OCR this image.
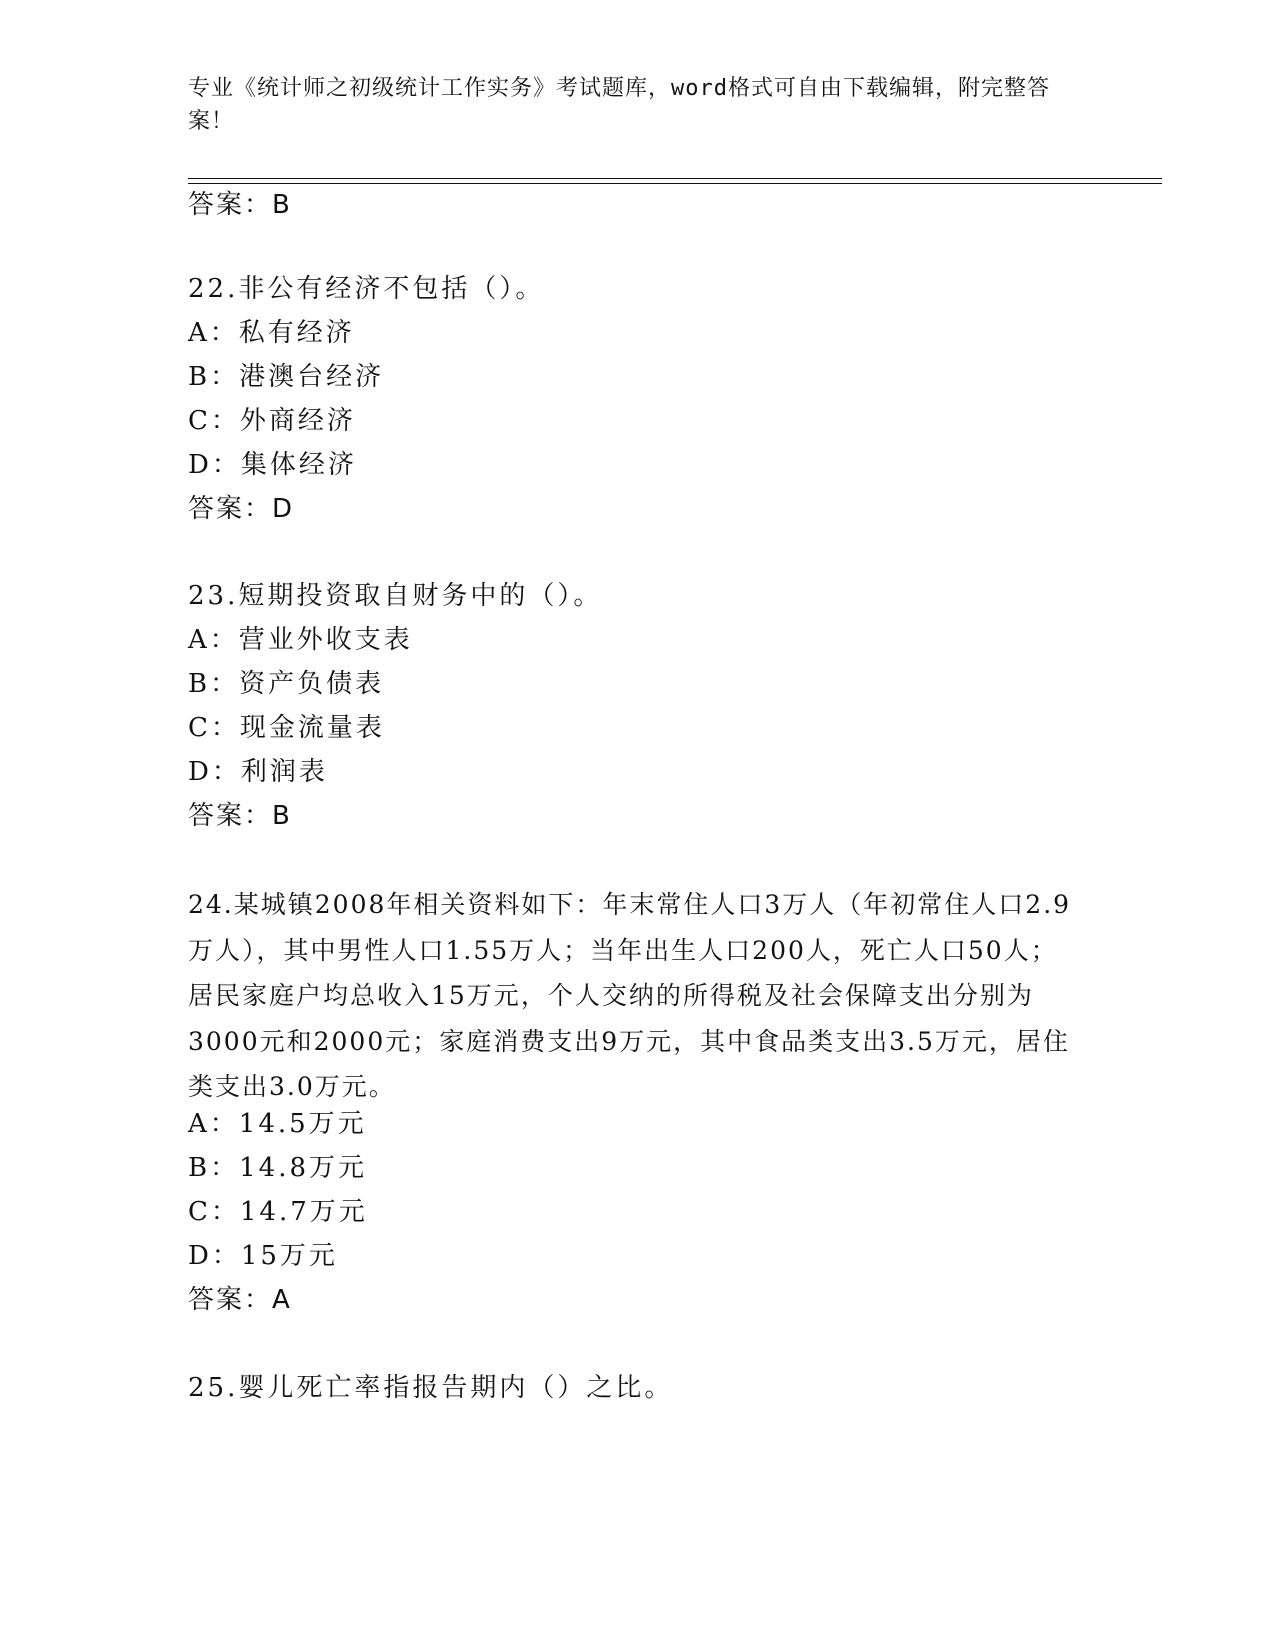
专业《统计师之初级统计工作实务》考试题库，word格式可自由下载编辑，附完整答案！
答案：B
22.非公有经济不包括（）。
A：私有经济
B：港澳台经济
C：外商经济
D：集体经济
答案：D
23.短期投资取自财务中的（）。
A：营业外收支表
B：资产负债表
C：现金流量表
D：利润表
答案：B
24.某城镇2008年相关资料如下：年末常住人口3万人（年初常住人口2.9万人），其中男性人口1.55万人；当年出生人口200人，死亡人口50人；居民家庭户均总收入15万元，个人交纳的所得税及社会保障支出分别为3000元和2000元；家庭消费支出9万元，其中食品类支出3.5万元，居住类支出3.0万元。
A：14.5万元
B：14.8万元
C：14.7万元
D：15万元
答案：A
25.婴儿死亡率指报告期内（）之比。
